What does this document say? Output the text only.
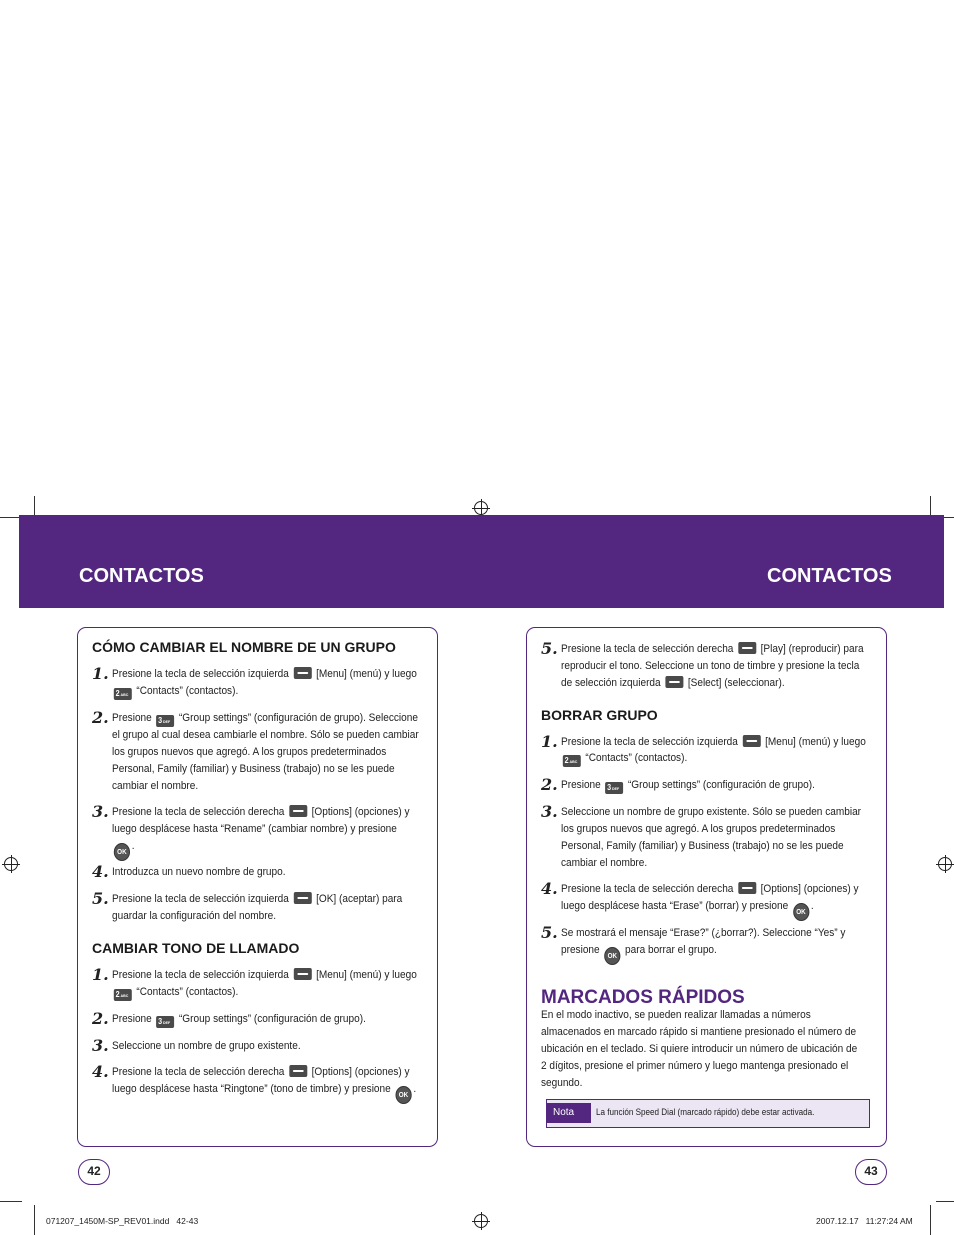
CONTACTOS	CONTACTOS
CÓMO CAMBIAR EL NOMBRE DE UN GRUPO
1. Presione la tecla de selección izquierda [Menu] (menú) y luego
2ABC “Contacts” (contactos).
2. Presione 3DEF “Group settings” (configuración de grupo). Seleccione
el grupo al cual desea cambiarle el nombre. Sólo se pueden cambiar
los grupos nuevos que agregó. A los grupos predeterminados
Personal, Family (familiar) y Business (trabajo) no se les puede
cambiar el nombre.
3. Presione la tecla de selección derecha [Options] (opciones) y
luego desplácese hasta “Rename” (cambiar nombre) y presione
OK.
4. Introduzca un nuevo nombre de grupo.
5. Presione la tecla de selección izquierda [OK] (aceptar) para
guardar la configuración del nombre.
CAMBIAR TONO DE LLAMADO
1. Presione la tecla de selección izquierda [Menu] (menú) y luego
2ABC “Contacts” (contactos).
2. Presione 3DEF “Group settings” (configuración de grupo).
3. Seleccione un nombre de grupo existente.
4. Presione la tecla de selección derecha [Options] (opciones) y
luego desplácese hasta “Ringtone” (tono de timbre) y presione OK.
42
5. Presione la tecla de selección derecha [Play] (reproducir) para
reproducir el tono. Seleccione un tono de timbre y presione la tecla
de selección izquierda [Select] (seleccionar).
BORRAR GRUPO
1. Presione la tecla de selección izquierda [Menu] (menú) y luego
2ABC “Contacts” (contactos).
2. Presione 3DEF “Group settings” (configuración de grupo).
3. Seleccione un nombre de grupo existente. Sólo se pueden cambiar
los grupos nuevos que agregó. A los grupos predeterminados
Personal, Family (familiar) y Business (trabajo) no se les puede
cambiar el nombre.
4. Presione la tecla de selección derecha [Options] (opciones) y
luego desplácese hasta “Erase” (borrar) y presione OK.
5. Se mostrará el mensaje “Erase?” (¿borrar?). Seleccione “Yes” y
presione OK para borrar el grupo.
MARCADOS RÁPIDOS
En el modo inactivo, se pueden realizar llamadas a números
almacenados en marcado rápido si mantiene presionado el número de
ubicación en el teclado. Si quiere introducir un número de ubicación de
2 dígitos, presione el primer número y luego mantenga presionado el
segundo.
Nota	La función Speed Dial (marcado rápido) debe estar activada.
43
071207_1450M-SP_REV01.indd   42-43	2007.12.17   11:27:24 AM
